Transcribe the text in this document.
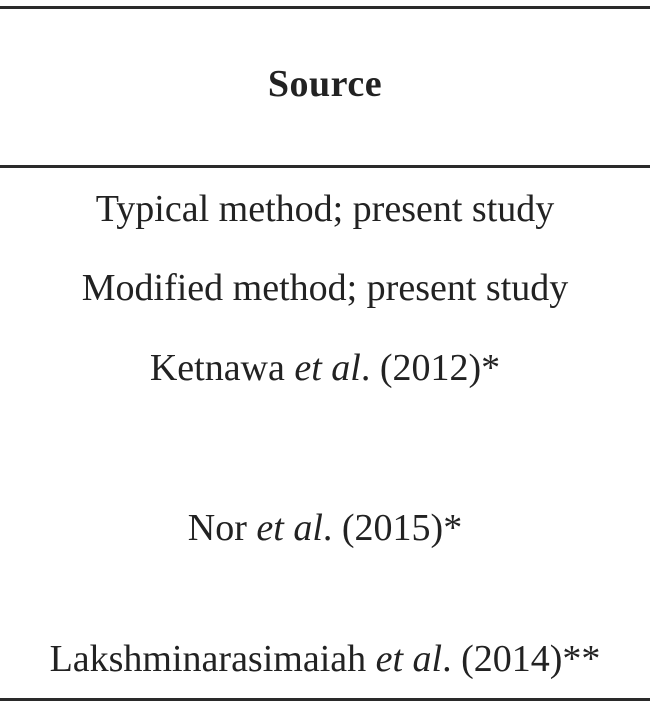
Source
Typical method; present study
Modified method; present study
Ketnawa et al. (2012)*
Nor et al. (2015)*
Lakshminarasimaiah et al. (2014)**
